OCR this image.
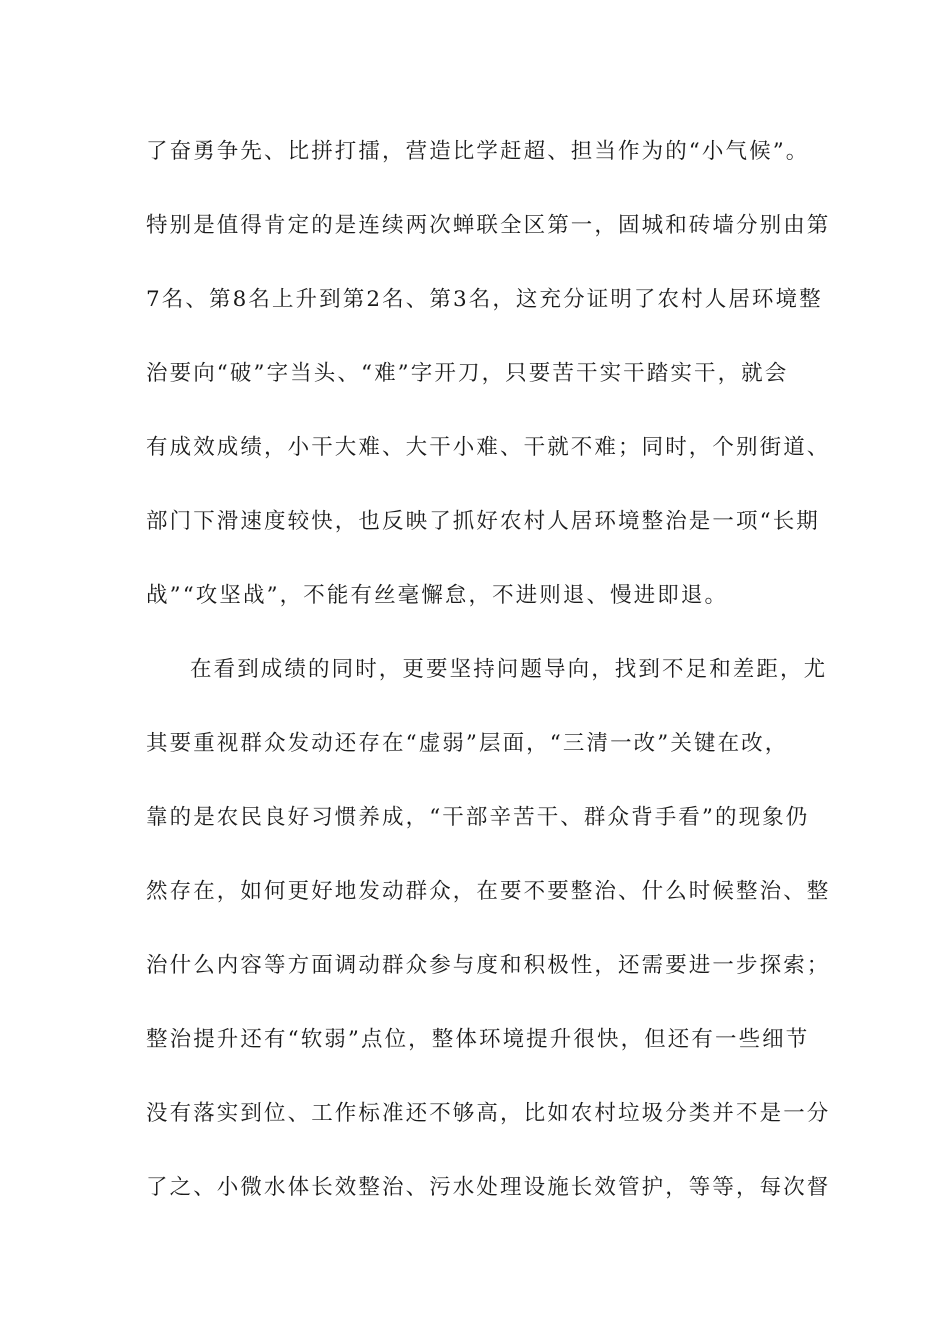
了奋勇争先、比拼打擂，营造比学赶超、担当作为的“小气候”。
特别是值得肯定的是连续两次蝉联全区第一，固城和砖墙分别由第
7名、第8名上升到第2名、第3名，这充分证明了农村人居环境整
治要向“破”字当头、“难”字开刀，只要苦干实干踏实干，就会
有成效成绩，小干大难、大干小难、干就不难；同时，个别街道、
部门下滑速度较快，也反映了抓好农村人居环境整治是一项“长期
战”“攻坚战”，不能有丝毫懈怠，不进则退、慢进即退。
在看到成绩的同时，更要坚持问题导向，找到不足和差距，尤
其要重视群众发动还存在“虚弱”层面，“三清一改”关键在改，
靠的是农民良好习惯养成，“干部辛苦干、群众背手看”的现象仍
然存在，如何更好地发动群众，在要不要整治、什么时候整治、整
治什么内容等方面调动群众参与度和积极性，还需要进一步探索；
整治提升还有“软弱”点位，整体环境提升很快，但还有一些细节
没有落实到位、工作标准还不够高，比如农村垃圾分类并不是一分
了之、小微水体长效整治、污水处理设施长效管护，等等，每次督
